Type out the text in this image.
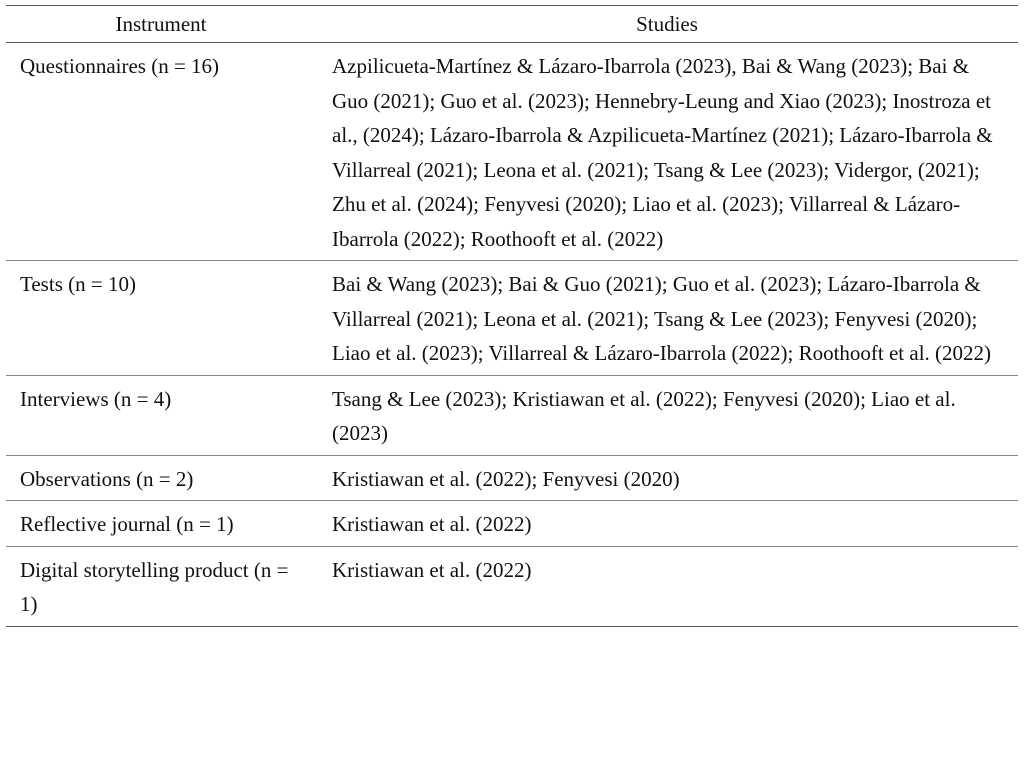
Instrument	Studies
Questionnaires (n = 16)	Azpilicueta-Martínez & Lázaro-Ibarrola (2023), Bai & Wang (2023); Bai & Guo (2021); Guo et al. (2023); Hennebry-Leung and Xiao (2023); Inostroza et al., (2024); Lázaro-Ibarrola & Azpilicueta-Martínez (2021); Lázaro-Ibarrola & Villarreal (2021); Leona et al. (2021); Tsang & Lee (2023); Vidergor, (2021); Zhu et al. (2024); Fenyvesi (2020); Liao et al. (2023); Villarreal & Lázaro-Ibarrola (2022); Roothooft et al. (2022)
Tests (n = 10)	Bai & Wang (2023); Bai & Guo (2021); Guo et al. (2023); Lázaro-Ibarrola & Villarreal (2021); Leona et al. (2021); Tsang & Lee (2023); Fenyvesi (2020); Liao et al. (2023); Villarreal & Lázaro-Ibarrola (2022); Roothooft et al. (2022)
Interviews (n = 4)	Tsang & Lee (2023); Kristiawan et al. (2022); Fenyvesi (2020); Liao et al. (2023)
Observations (n = 2)	Kristiawan et al. (2022); Fenyvesi (2020)
Reflective journal (n = 1)	Kristiawan et al. (2022)
Digital storytelling product (n = 1)	Kristiawan et al. (2022)
